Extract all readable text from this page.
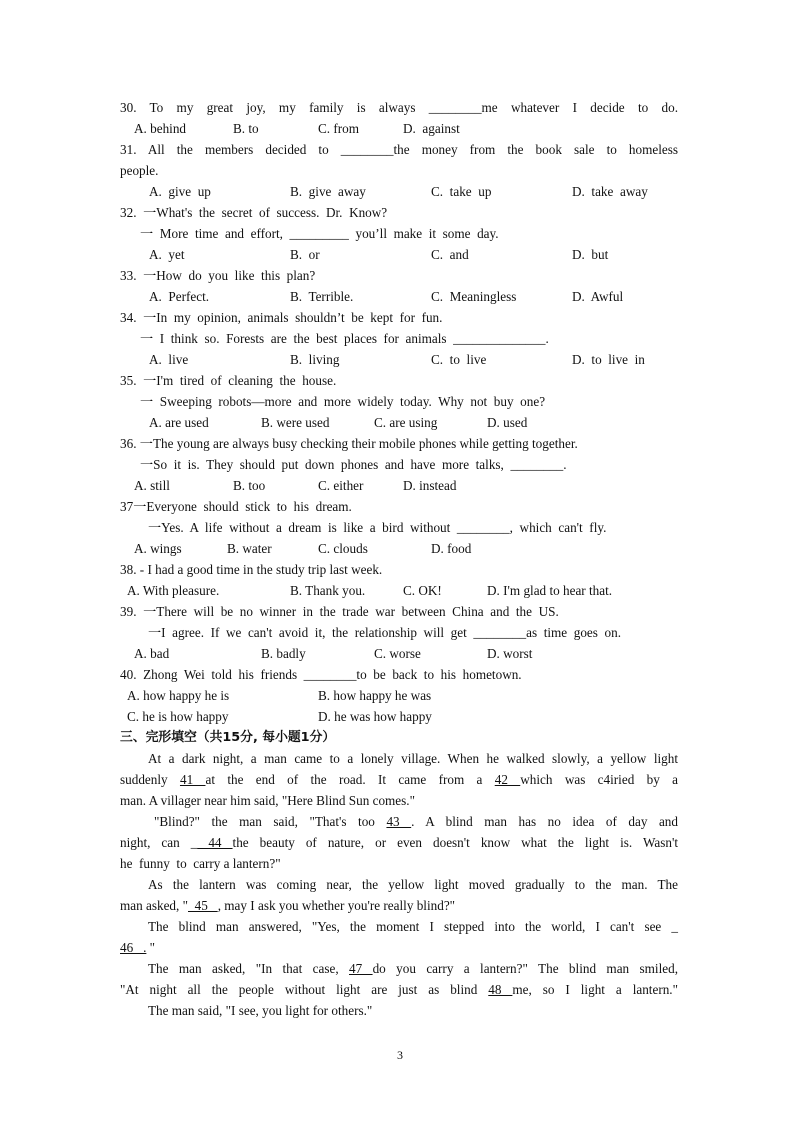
30. To my great joy, my family is always ________me whatever I decide to do.

A. behind

	B. to

	C. from

	D.  against

31. All the members decided to ________the money from the book sale to homeless
people.

A.  give  up

	B.  give  away

	C.  take  up

	D.  take  away

32.  一What's  the  secret  of  success.  Dr.  Know?
一  More  time  and  effort,  _________  you’ll  make  it  some  day.

A.  yet

	B.  or

	C.  and

	D.  but

33.  一How  do  you  like  this  plan?

A.  Perfect.

	B.  Terrible.

	C.  Meaningless

	D.  Awful

34.  一In  my  opinion,  animals  shouldn’t  be  kept  for  fun.
一  I  think  so.  Forests  are  the  best  places  for  animals  ______________.

A.  live

	B.  living

	C.  to  live

	D.  to  live  in

35.  一I'm  tired  of  cleaning  the  house.
一  Sweeping  robots—more  and  more  widely  today.  Why  not  buy  one?

A. are used

	B. were used

	C. are using

	D. used

36. 一The young are always busy checking their mobile phones while getting together.
一So  it  is.  They  should  put  down  phones  and  have  more  talks,  ________.

A. still

	B. too

	C. either

	D. instead

37一Everyone  should  stick  to  his  dream.
一Yes.  A  life  without  a  dream  is  like  a  bird  without  ________,  which  can't  fly.

A. wings

	B. water

	C. clouds

	D. food

38. - I had a good time in the study trip last week.

A. With pleasure.

	B. Thank you.

	C. OK!

	D. I'm glad to hear that.

39.  一There  will  be  no  winner  in  the  trade  war  between  China  and  the  US.
一I  agree.  If  we  can't  avoid  it,  the  relationship  will  get  ________as  time  goes  on.

A. bad

	B. badly

	C. worse

	D. worst

40.  Zhong  Wei  told  his  friends  ________to  be  back  to  his  hometown.

A. how happy he is

	B. how happy he was

C. he is how happy

	D. he was how happy

三、完形填空（共15分, 每小题1分）
At a dark night, a man came to a lonely village. When he walked slowly, a yellow light
suddenly 41 at the end of the road. It came from a 42 which was c4iried by a
man. A villager near him said, "Here Blind Sun comes."
"Blind?" the man said, "That's too 43 . A blind man has no idea of day and
night, can _ 44 the beauty of nature, or even doesn't know what the light is. Wasn't
he  funny  to  carry a lantern?"
As the lantern was coming near, the yellow light moved gradually to the man. The
man asked, "  45   , may I ask you whether you're really blind?"
The blind man answered, "Yes, the moment I stepped into the world, I can't see _
46   . "
The man asked, "In that case, 47 do you carry a lantern?" The blind man smiled,
"At night all the people without light are just as blind 48 me, so I light a lantern."
The man said, "I see, you light for others."
3
